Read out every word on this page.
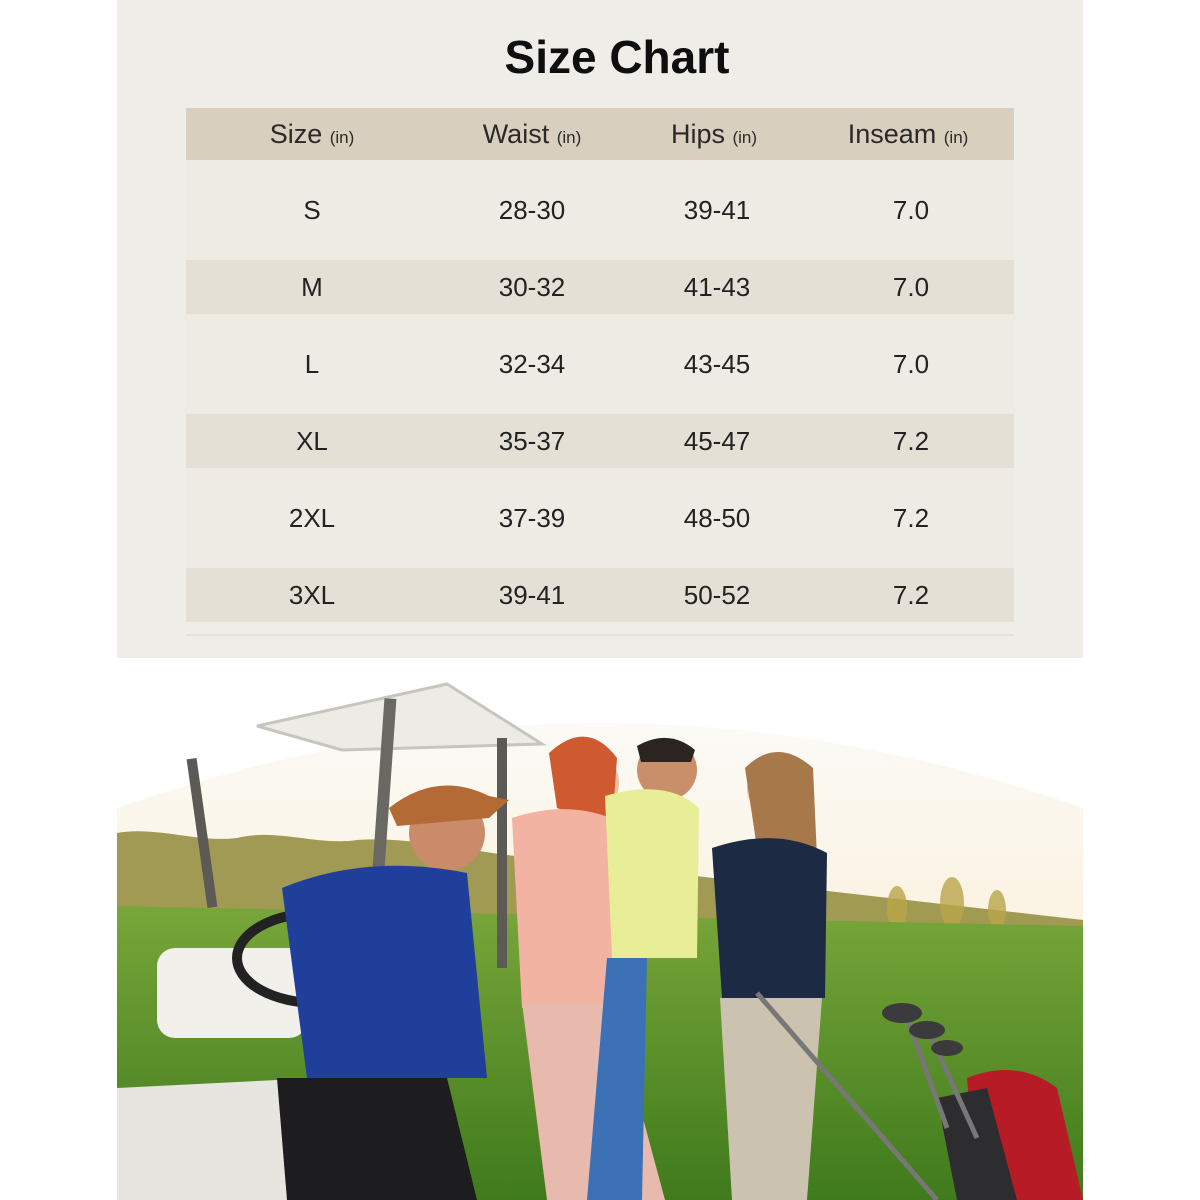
Size Chart
Size (in)	Waist (in)	Hips (in)	Inseam (in)
S	28-30	39-41	7.0
M	30-32	41-43	7.0
L	32-34	43-45	7.0
XL	35-37	45-47	7.2
2XL	37-39	48-50	7.2
3XL	39-41	50-52	7.2
